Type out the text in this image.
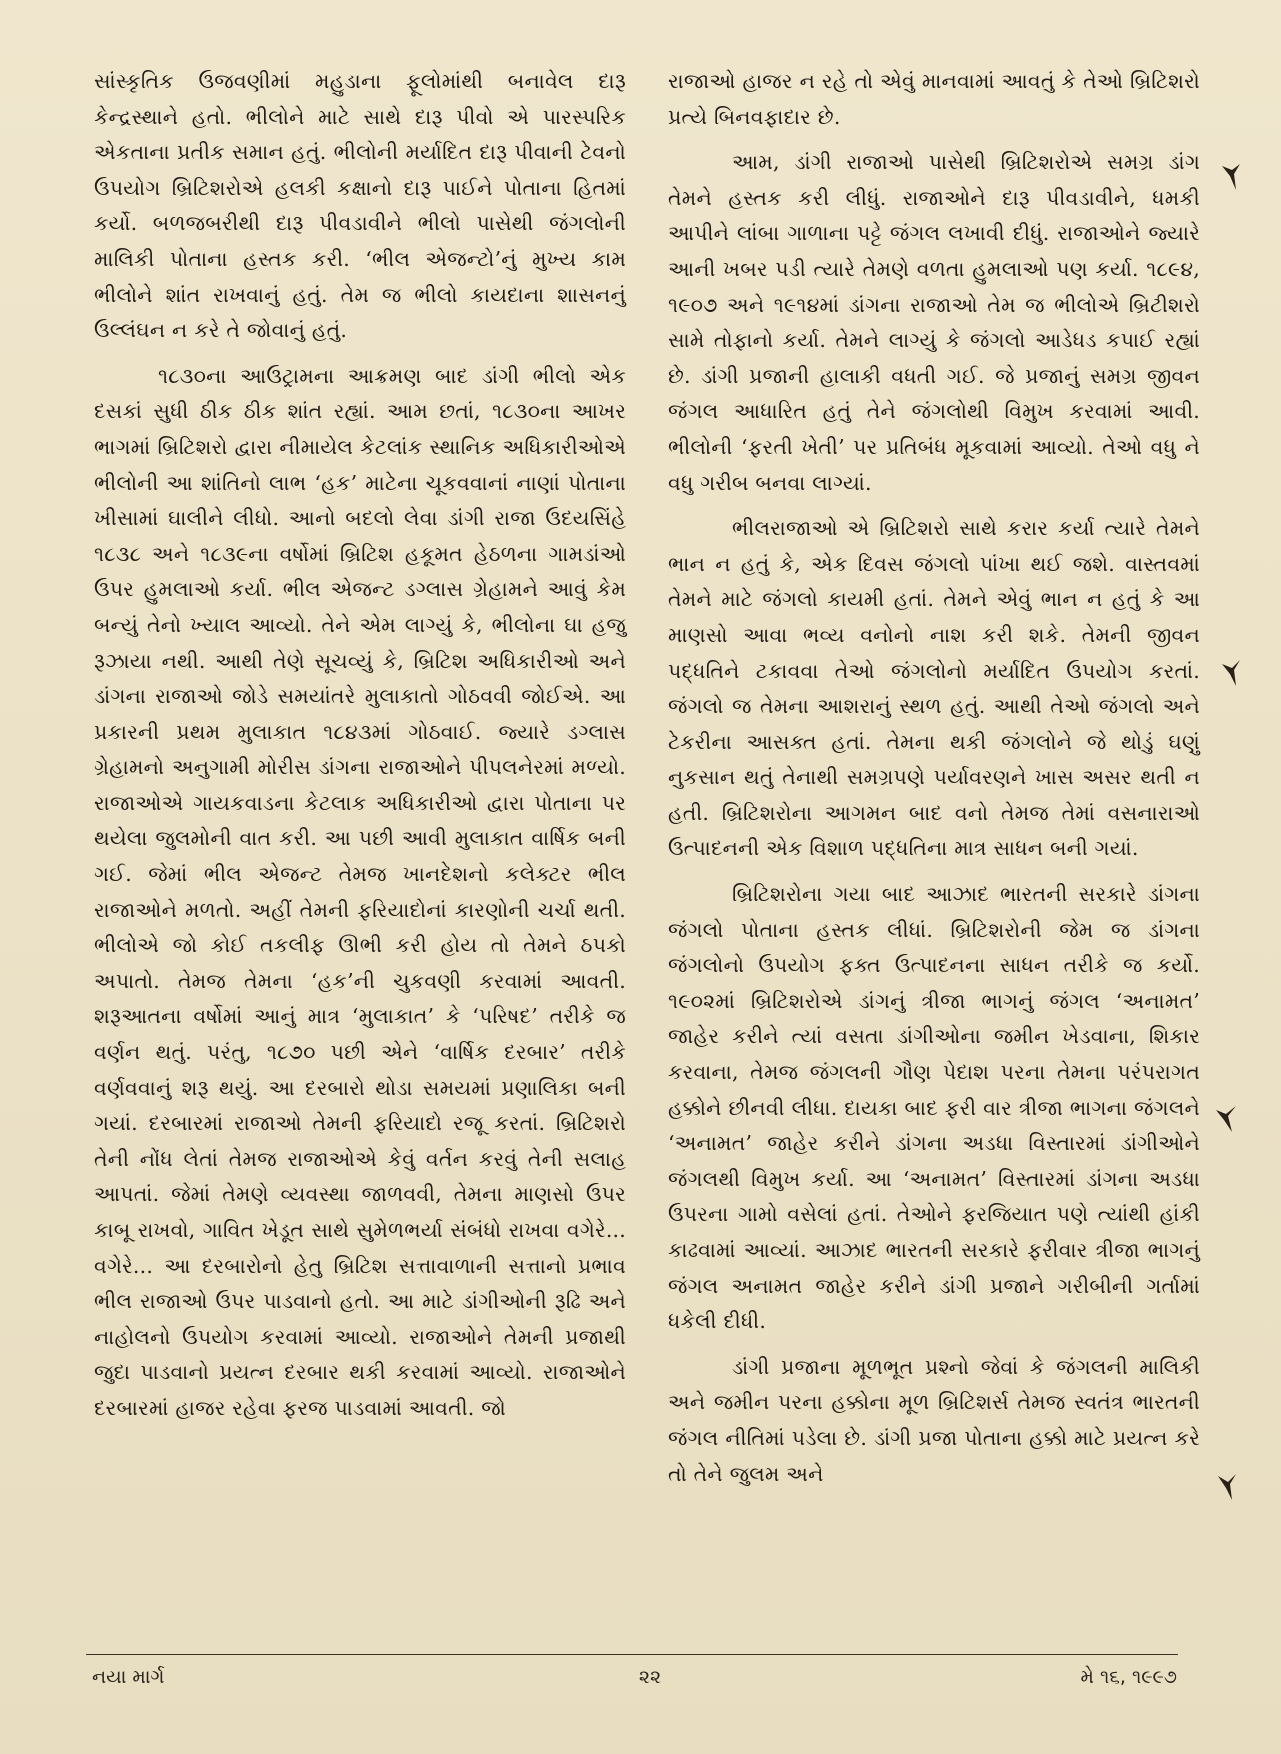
સાંસ્કૃતિક ઉજવણીમાં મહુડાના ફૂલોમાંથી બનાવેલ દારૂ કેન્દ્રસ્થાને હતો. ભીલોને માટે સાથે દારૂ પીવો એ પારસ્પરિક એકતાના પ્રતીક સમાન હતું. ભીલોની મર્યાદિત દારૂ પીવાની ટેવનો ઉપયોગ બ્રિટિશરોએ હલકી કક્ષાનો દારૂ પાઈને પોતાના હિતમાં કર્યો. બળજબરીથી દારૂ પીવડાવીને ભીલો પાસેથી જંગલોની માલિકી પોતાના હસ્તક કરી. ‘ભીલ એજન્ટો’નું મુખ્ય કામ ભીલોને શાંત રાખવાનું હતું. તેમ જ ભીલો કાયદાના શાસનનું ઉલ્લંઘન ન કરે તે જોવાનું હતું.

૧૮૩૦ના આઉટ્રામના આક્રમણ બાદ ડાંગી ભીલો એક દસકાં સુધી ઠીક ઠીક શાંત રહ્યાં. આમ છતાં, ૧૮૩૦ના આખર ભાગમાં બ્રિટિશરો દ્વારા નીમાયેલ કેટલાંક સ્થાનિક અધિકારીઓએ ભીલોની આ શાંતિનો લાભ ‘હક’ માટેના ચૂકવવાનાં નાણાં પોતાના ખીસામાં ઘાલીને લીધો. આનો બદલો લેવા ડાંગી રાજા ઉદયસિંહે ૧૮૩૮ અને ૧૮૩૯ના વર્ષોમાં બ્રિટિશ હકૂમત હેઠળના ગામડાંઓ ઉપર હુમલાઓ કર્યા. ભીલ એજન્ટ ડગ્લાસ ગ્રેહામને આવું કેમ બન્યું તેનો ખ્યાલ આવ્યો. તેને એમ લાગ્યું કે, ભીલોના ઘા હજુ રૂઝાયા નથી. આથી તેણે સૂચવ્યું કે, બ્રિટિશ અધિકારીઓ અને ડાંગના રાજાઓ જોડે સમયાંતરે મુલાકાતો ગોઠવવી જોઈએ. આ પ્રકારની પ્રથમ મુલાકાત ૧૮૪૩માં ગોઠવાઈ. જ્યારે ડગ્લાસ ગ્રેહામનો અનુગામી મોરીસ ડાંગના રાજાઓને પીપલનેરમાં મળ્યો. રાજાઓએ ગાયકવાડના કેટલાક અધિકારીઓ દ્વારા પોતાના પર થયેલા જુલમોની વાત કરી. આ પછી આવી મુલાકાત વાર્ષિક બની ગઈ. જેમાં ભીલ એજન્ટ તેમજ ખાનદેશનો કલેક્ટર ભીલ રાજાઓને મળતો. અહીં તેમની ફરિયાદોનાં કારણોની ચર્ચા થતી. ભીલોએ જો કોઈ તકલીફ ઊભી કરી હોય તો તેમને ઠપકો અપાતો. તેમજ તેમના ‘હક’ની ચુકવણી કરવામાં આવતી. શરૂઆતના વર્ષોમાં આનું માત્ર ‘મુલાકાત’ કે ‘પરિષદ’ તરીકે જ વર્ણન થતું. પરંતુ, ૧૮૭૦ પછી એને ‘વાર્ષિક દરબાર’ તરીકે વર્ણવવાનું શરૂ થયું. આ દરબારો થોડા સમયમાં પ્રણાલિકા બની ગયાં. દરબારમાં રાજાઓ તેમની ફરિયાદો રજૂ કરતાં. બ્રિટિશરો તેની નોંધ લેતાં તેમજ રાજાઓએ કેવું વર્તન કરવું તેની સલાહ આપતાં. જેમાં તેમણે વ્યવસ્થા જાળવવી, તેમના માણસો ઉપર કાબૂ રાખવો, ગાવિત ખેડૂત સાથે સુમેળભર્યા સંબંધો રાખવા વગેરે... વગેરે... આ દરબારોનો હેતુ બ્રિટિશ સત્તાવાળાની સત્તાનો પ્રભાવ ભીલ રાજાઓ ઉપર પાડવાનો હતો. આ માટે ડાંગીઓની રૂઢિ અને નાહોલનો ઉપયોગ કરવામાં આવ્યો. રાજાઓને તેમની પ્રજાથી જુદા પાડવાનો પ્રયત્ન દરબાર થકી કરવામાં આવ્યો. રાજાઓને દરબારમાં હાજર રહેવા ફરજ પાડવામાં આવતી. જો

રાજાઓ હાજર ન રહે તો એવું માનવામાં આવતું કે તેઓ બ્રિટિશરો પ્રત્યે બિનવફાદાર છે.

આમ, ડાંગી રાજાઓ પાસેથી બ્રિટિશરોએ સમગ્ર ડાંગ તેમને હસ્તક કરી લીધું. રાજાઓને દારૂ પીવડાવીને, ધમકી આપીને લાંબા ગાળાના પટ્ટે જંગલ લખાવી દીધું. રાજાઓને જ્યારે આની ખબર પડી ત્યારે તેમણે વળતા હુમલાઓ પણ કર્યા. ૧૮૯૪, ૧૯૦૭ અને ૧૯૧૪માં ડાંગના રાજાઓ તેમ જ ભીલોએ બ્રિટીશરો સામે તોફાનો કર્યા. તેમને લાગ્યું કે જંગલો આડેધડ કપાઈ રહ્યાં છે. ડાંગી પ્રજાની હાલાકી વધતી ગઈ. જે પ્રજાનું સમગ્ર જીવન જંગલ આધારિત હતું તેને જંગલોથી વિમુખ કરવામાં આવી. ભીલોની ‘ફરતી ખેતી’ પર પ્રતિબંધ મૂકવામાં આવ્યો. તેઓ વધુ ને વધુ ગરીબ બનવા લાગ્યાં.

ભીલરાજાઓ એ બ્રિટિશરો સાથે કરાર કર્યા ત્યારે તેમને ભાન ન હતું કે, એક દિવસ જંગલો પાંખા થઈ જશે. વાસ્તવમાં તેમને માટે જંગલો કાયમી હતાં. તેમને એવું ભાન ન હતું કે આ માણસો આવા ભવ્ય વનોનો નાશ કરી શકે. તેમની જીવન પદ્ધતિને ટકાવવા તેઓ જંગલોનો મર્યાદિત ઉપયોગ કરતાં. જંગલો જ તેમના આશરાનું સ્થળ હતું. આથી તેઓ જંગલો અને ટેકરીના આસક્ત હતાં. તેમના થકી જંગલોને જે થોડું ઘણું નુકસાન થતું તેનાથી સમગ્રપણે પર્યાવરણને ખાસ અસર થતી ન હતી. બ્રિટિશરોના આગમન બાદ વનો તેમજ તેમાં વસનારાઓ ઉત્પાદનની એક વિશાળ પદ્ધતિના માત્ર સાધન બની ગયાં.

બ્રિટિશરોના ગયા બાદ આઝાદ ભારતની સરકારે ડાંગના જંગલો પોતાના હસ્તક લીધાં. બ્રિટિશરોની જેમ જ ડાંગના જંગલોનો ઉપયોગ ફક્ત ઉત્પાદનના સાધન તરીકે જ કર્યો. ૧૯૦૨માં બ્રિટિશરોએ ડાંગનું ત્રીજા ભાગનું જંગલ ‘અનામત’ જાહેર કરીને ત્યાં વસતા ડાંગીઓના જમીન ખેડવાના, શિકાર કરવાના, તેમજ જંગલની ગૌણ પેદાશ પરના તેમના પરંપરાગત હક્કોને છીનવી લીધા. દાયકા બાદ ફરી વાર ત્રીજા ભાગના જંગલને ‘અનામત’ જાહેર કરીને ડાંગના અડધા વિસ્તારમાં ડાંગીઓને જંગલથી વિમુખ કર્યા. આ ‘અનામત’ વિસ્તારમાં ડાંગના અડધા ઉપરના ગામો વસેલાં હતાં. તેઓને ફરજિયાત પણે ત્યાંથી હાંકી કાઢવામાં આવ્યાં. આઝાદ ભારતની સરકારે ફરીવાર ત્રીજા ભાગનું જંગલ અનામત જાહેર કરીને ડાંગી પ્રજાને ગરીબીની ગર્તામાં ધકેલી દીધી.

ડાંગી પ્રજાના મૂળભૂત પ્રશ્નો જેવાં કે જંગલની માલિકી અને જમીન પરના હક્કોના મૂળ બ્રિટિશર્સ તેમજ સ્વતંત્ર ભારતની જંગલ નીતિમાં પડેલા છે. ડાંગી પ્રજા પોતાના હક્કો માટે પ્રયત્ન કરે તો તેને જુલમ અને

નયા માર્ગ	૨૨	મે ૧૬, ૧૯૯૭
